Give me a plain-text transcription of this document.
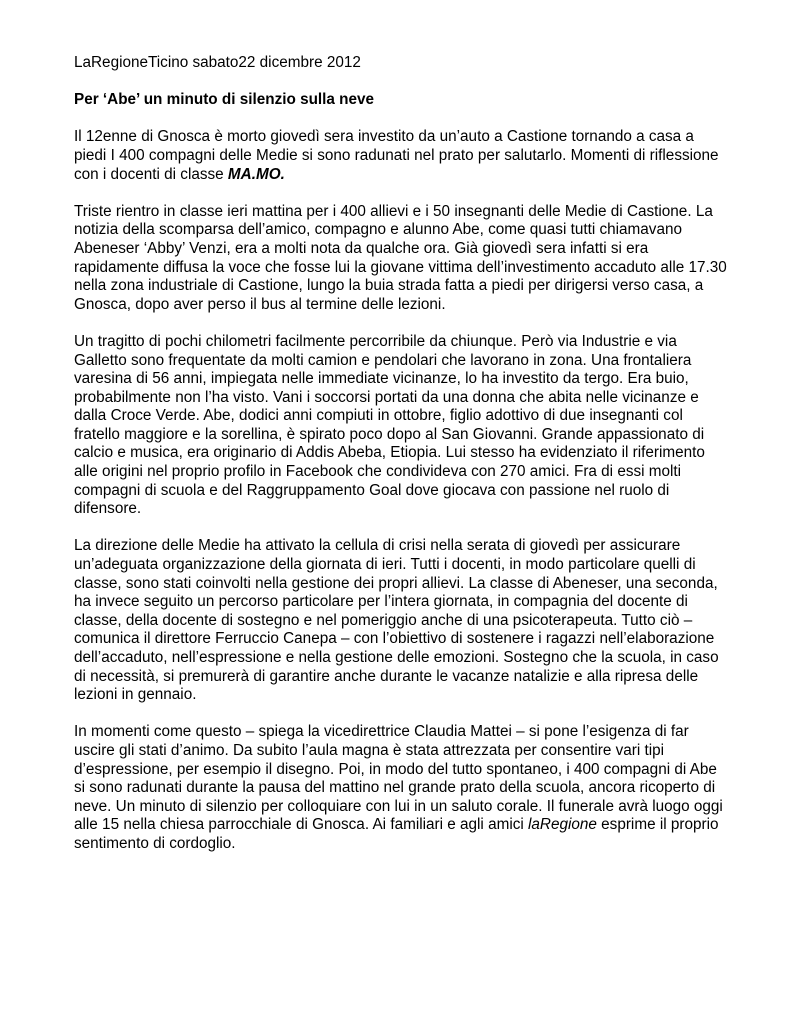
LaRegioneTicino sabato22 dicembre 2012
Per ‘Abe’ un minuto di silenzio sulla neve
Il 12enne di Gnosca è morto giovedì sera investito da un’auto a Castione tornando a casa a
piedi I 400 compagni delle Medie si sono radunati nel prato per salutarlo. Momenti di riflessione
con i docenti di classe MA.MO.
Triste rientro in classe ieri mattina per i 400 allievi e i 50 insegnanti delle Medie di Castione. La
notizia della scomparsa dell’amico, compagno e alunno Abe, come quasi tutti chiamavano
Abeneser ‘Abby’ Venzi, era a molti nota da qualche ora. Già giovedì sera infatti si era
rapidamente diffusa la voce che fosse lui la giovane vittima dell’investimento accaduto alle 17.30
nella zona industriale di Castione, lungo la buia strada fatta a piedi per dirigersi verso casa, a
Gnosca, dopo aver perso il bus al termine delle lezioni.
Un tragitto di pochi chilometri facilmente percorribile da chiunque. Però via Industrie e via
Galletto sono frequentate da molti camion e pendolari che lavorano in zona. Una frontaliera
varesina di 56 anni, impiegata nelle immediate vicinanze, lo ha investito da tergo. Era buio,
probabilmente non l’ha visto. Vani i soccorsi portati da una donna che abita nelle vicinanze e
dalla Croce Verde. Abe, dodici anni compiuti in ottobre, figlio adottivo di due insegnanti col
fratello maggiore e la sorellina, è spirato poco dopo al San Giovanni. Grande appassionato di
calcio e musica, era originario di Addis Abeba, Etiopia. Lui stesso ha evidenziato il riferimento
alle origini nel proprio profilo in Facebook che condivideva con 270 amici. Fra di essi molti
compagni di scuola e del Raggruppamento Goal dove giocava con passione nel ruolo di
difensore.
La direzione delle Medie ha attivato la cellula di crisi nella serata di giovedì per assicurare
un’adeguata organizzazione della giornata di ieri. Tutti i docenti, in modo particolare quelli di
classe, sono stati coinvolti nella gestione dei propri allievi. La classe di Abeneser, una seconda,
ha invece seguito un percorso particolare per l’intera giornata, in compagnia del docente di
classe, della docente di sostegno e nel pomeriggio anche di una psicoterapeuta. Tutto ciò –
comunica il direttore Ferruccio Canepa – con l’obiettivo di sostenere i ragazzi nell’elaborazione
dell’accaduto, nell’espressione e nella gestione delle emozioni. Sostegno che la scuola, in caso
di necessità, si premurerà di garantire anche durante le vacanze natalizie e alla ripresa delle
lezioni in gennaio.
In momenti come questo – spiega la vicedirettrice Claudia Mattei – si pone l’esigenza di far
uscire gli stati d’animo. Da subito l’aula magna è stata attrezzata per consentire vari tipi
d’espressione, per esempio il disegno. Poi, in modo del tutto spontaneo, i 400 compagni di Abe
si sono radunati durante la pausa del mattino nel grande prato della scuola, ancora ricoperto di
neve. Un minuto di silenzio per colloquiare con lui in un saluto corale. Il funerale avrà luogo oggi
alle 15 nella chiesa parrocchiale di Gnosca. Ai familiari e agli amici laRegione esprime il proprio
sentimento di cordoglio.
